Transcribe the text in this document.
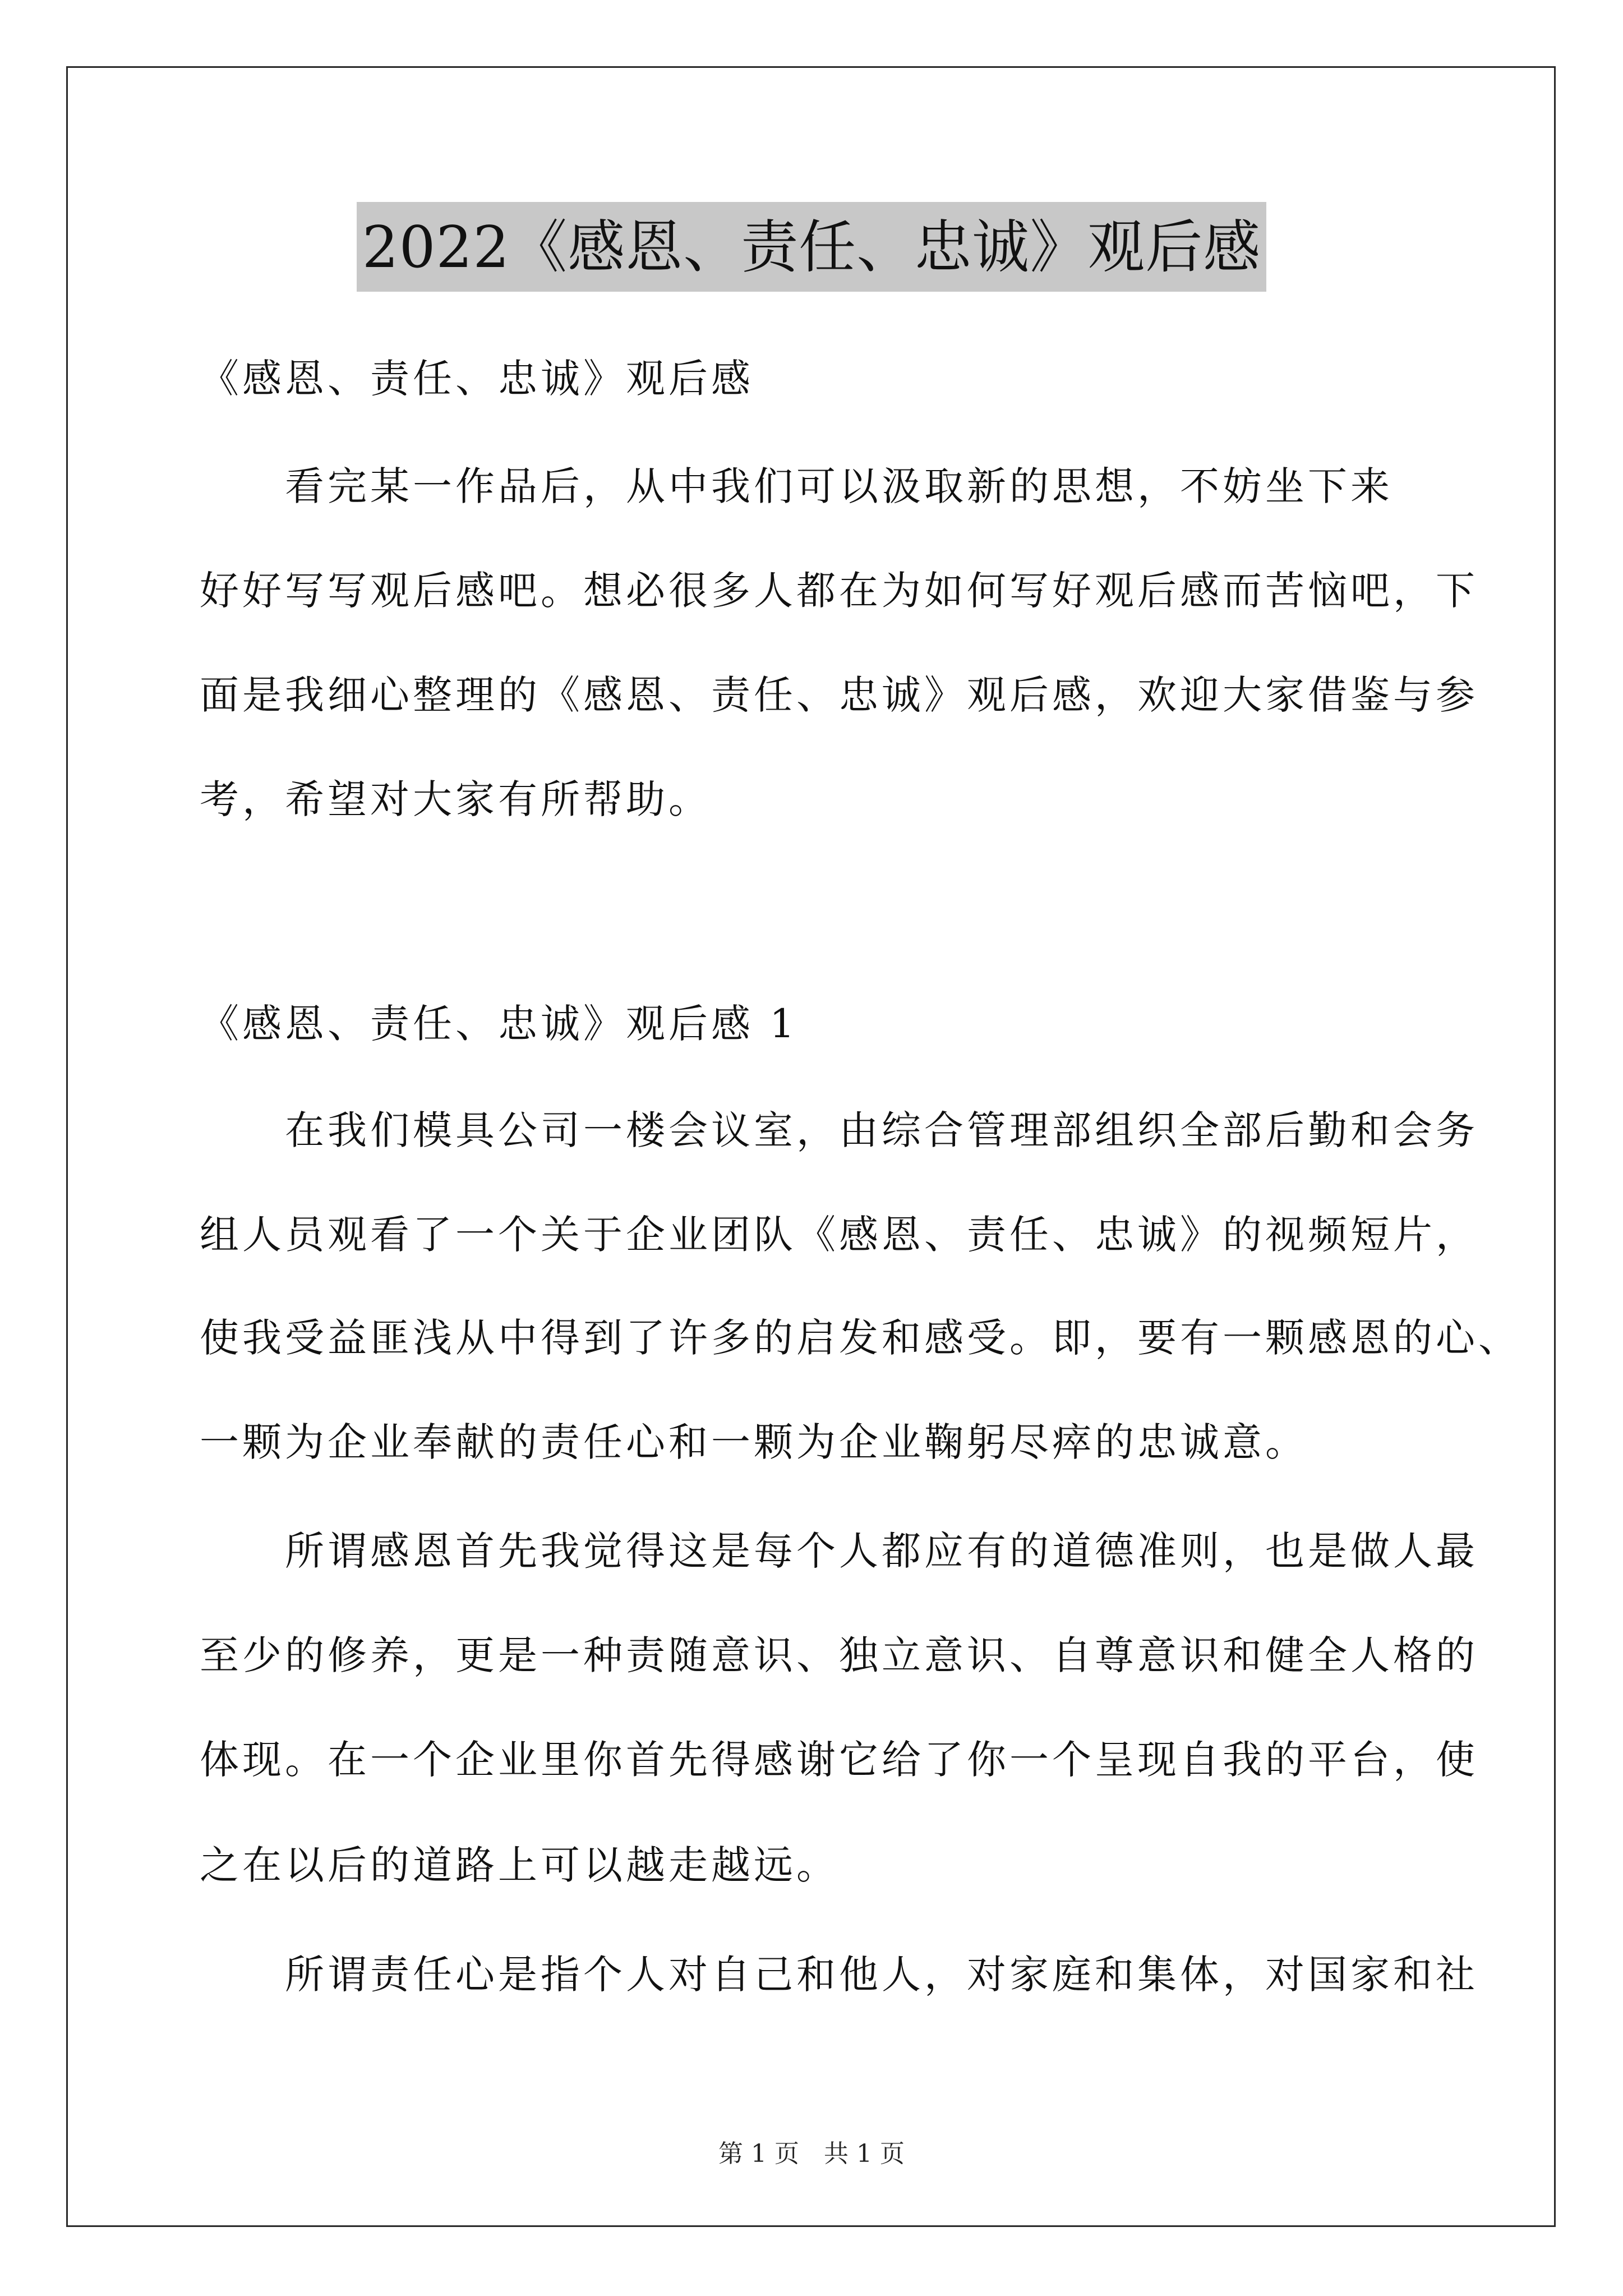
2022《感恩、责任、忠诚》观后感
《感恩、责任、忠诚》观后感
　　看完某一作品后，从中我们可以汲取新的思想，不妨坐下来
好好写写观后感吧。想必很多人都在为如何写好观后感而苦恼吧，下
面是我细心整理的《感恩、责任、忠诚》观后感，欢迎大家借鉴与参
考，希望对大家有所帮助。
《感恩、责任、忠诚》观后感 1
　　在我们模具公司一楼会议室，由综合管理部组织全部后勤和会务
组人员观看了一个关于企业团队《感恩、责任、忠诚》的视频短片，
使我受益匪浅从中得到了许多的启发和感受。即，要有一颗感恩的心、
一颗为企业奉献的责任心和一颗为企业鞠躬尽瘁的忠诚意。
　　所谓感恩首先我觉得这是每个人都应有的道德准则，也是做人最
至少的修养，更是一种责随意识、独立意识、自尊意识和健全人格的
体现。在一个企业里你首先得感谢它给了你一个呈现自我的平台，使
之在以后的道路上可以越走越远。
　　所谓责任心是指个人对自己和他人，对家庭和集体，对国家和社
第 1 页　共 1 页
